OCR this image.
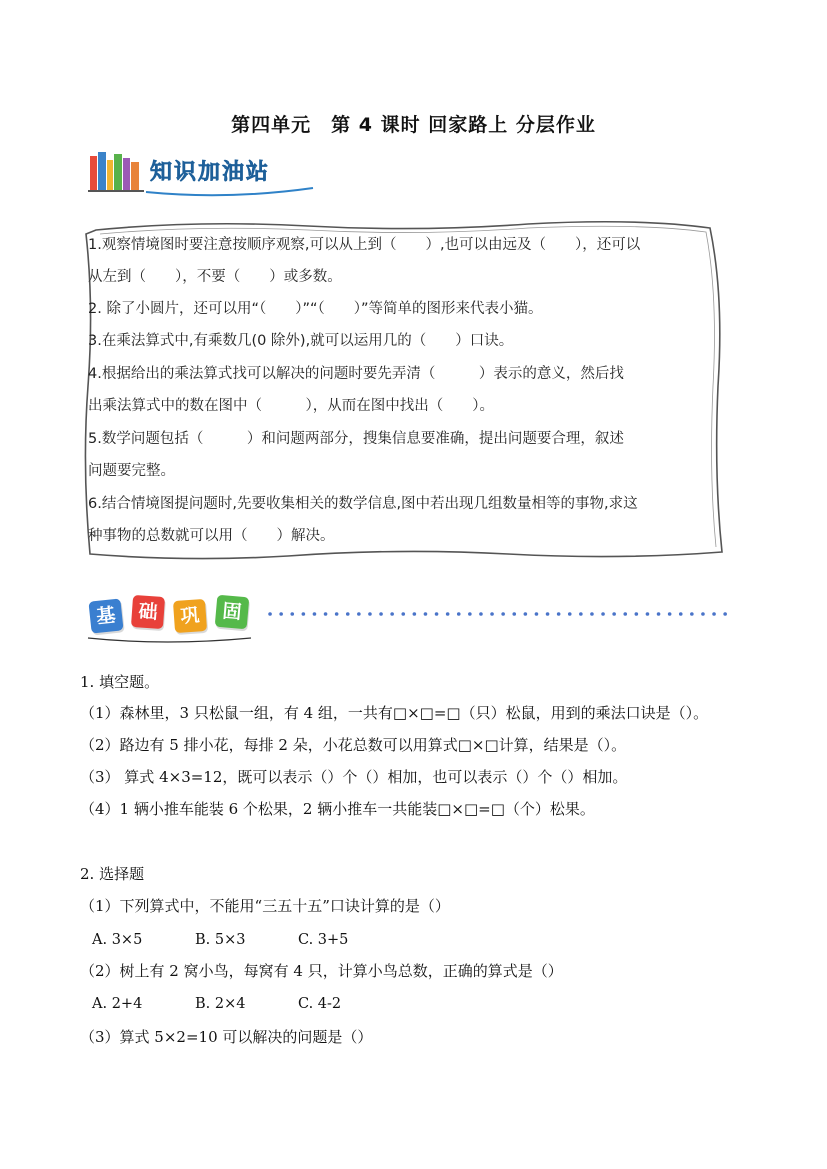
第四单元　第 4 课时 回家路上 分层作业
知识加油站
1.观察情境图时要注意按顺序观察,可以从上到（　　）,也可以由远及（　　），还可以
从左到（　　），不要（　　）或多数。
2. 除了小圆片，还可以用“（　　）”“（　　）”等简单的图形来代表小猫。
3.在乘法算式中,有乘数几(0 除外),就可以运用几的（　　）口诀。
4.根据给出的乘法算式找可以解决的问题时要先弄清（　　　）表示的意义，然后找
出乘法算式中的数在图中（　　　），从而在图中找出（　　）。
5.数学问题包括（　　　）和问题两部分，搜集信息要准确，提出问题要合理，叙述
问题要完整。
6.结合情境图提问题时,先要收集相关的数学信息,图中若出现几组数量相等的事物,求这
种事物的总数就可以用（　　）解决。
基	础	巩	固
1. 填空题。
（1）森林里，3 只松鼠一组，有 4 组，一共有□×□=□（只）松鼠，用到的乘法口诀是（）。
（2）路边有 5 排小花，每排 2 朵，小花总数可以用算式□×□计算，结果是（）。
（3） 算式 4×3=12，既可以表示（）个（）相加，也可以表示（）个（）相加。
（4）1 辆小推车能装 6 个松果，2 辆小推车一共能装□×□=□（个）松果。
2. 选择题
（1）下列算式中，不能用“三五十五”口诀计算的是（）
A. 3×5	B. 5×3	C. 3+5
（2）树上有 2 窝小鸟，每窝有 4 只，计算小鸟总数，正确的算式是（）
A. 2+4	B. 2×4	C. 4-2
（3）算式 5×2=10 可以解决的问题是（）
